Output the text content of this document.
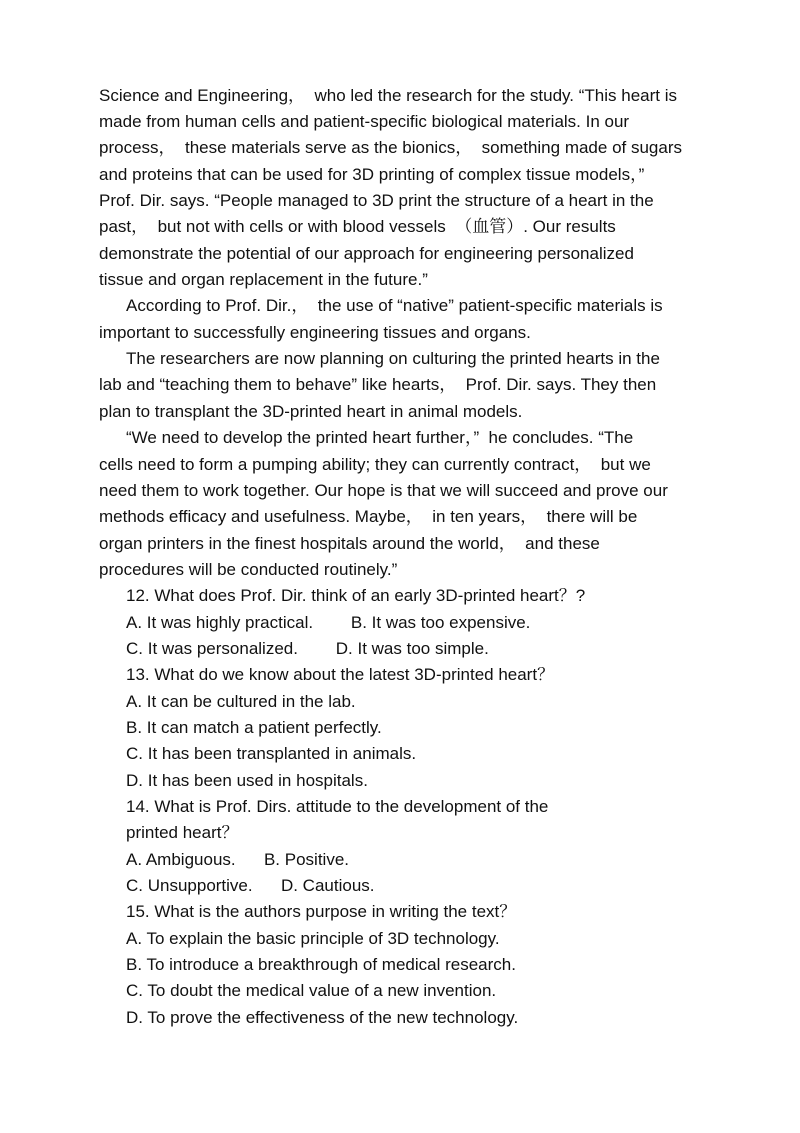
Science and Engineering，  who led the research for the study. “This heart is
made from human cells and patient-specific biological materials. In our
process，  these materials serve as the bionics，  something made of sugars
and proteins that can be used for 3D printing of complex tissue models，”
Prof. Dir. says. “People managed to 3D print the structure of a heart in the
past，  but not with cells or with blood vessels  （血管）. Our results
demonstrate the potential of our approach for engineering personalized
tissue and organ replacement in the future.”
According to Prof. Dir.，  the use of “native” patient-specific materials is
important to successfully engineering tissues and organs.
The researchers are now planning on culturing the printed hearts in the
lab and “teaching them to behave” like hearts，  Prof. Dir. says. They then
plan to transplant the 3D-printed heart in animal models.
“We need to develop the printed heart further，”  he concludes. “The
cells need to form a pumping ability; they can currently contract，  but we
need them to work together. Our hope is that we will succeed and prove our
methods efficacy and usefulness. Maybe，  in ten years，  there will be
organ printers in the finest hospitals around the world，  and these
procedures will be conducted routinely.”
12. What does Prof. Dir. think of an early 3D-printed heart？?
A. It was highly practical.        B. It was too expensive.
C. It was personalized.        D. It was too simple.
13. What do we know about the latest 3D-printed heart？
A. It can be cultured in the lab.
B. It can match a patient perfectly.
C. It has been transplanted in animals.
D. It has been used in hospitals.
14. What is Prof. Dirs. attitude to the development of the
printed heart？
A. Ambiguous.      B. Positive.
C. Unsupportive.      D. Cautious.
15. What is the authors purpose in writing the text？
A. To explain the basic principle of 3D technology.
B. To introduce a breakthrough of medical research.
C. To doubt the medical value of a new invention.
D. To prove the effectiveness of the new technology.
